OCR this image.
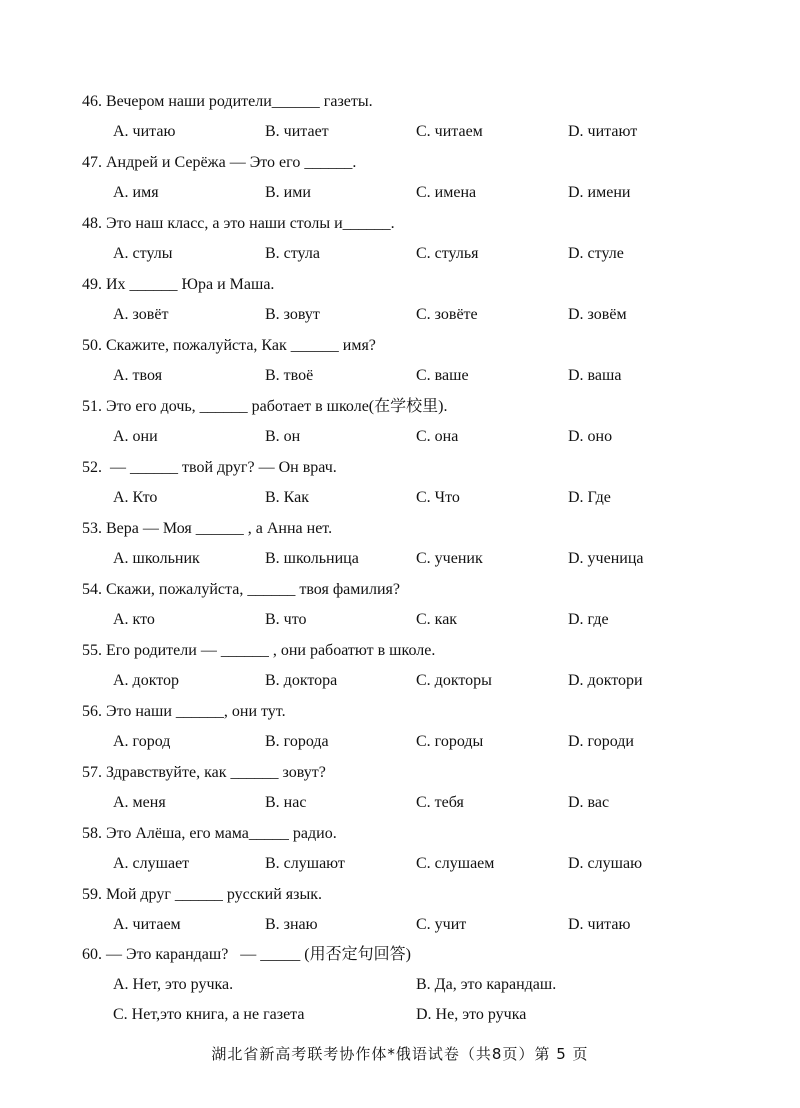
46. Вечером наши родители______ газеты.
A. читаю	B. читает	C. читаем	D. читают
47. Андрей и Серёжа — Это его ______.
A. имя	B. ими	C. имена	D. имени
48. Это наш класс, а это наши столы и______.
A. стулы	B. стула	C. стулья	D. стуле
49. Их ______ Юра и Маша.
A. зовёт	B. зовут	C. зовёте	D. зовём
50. Скажите, пожалуйста, Как ______ имя?
A. твоя	B. твоё	C. ваше	D. ваша
51. Это его дочь, ______ работает в школе(在学校里).
A. они	B. он	C. она	D. оно
52.  — ______ твой друг? — Он врач.
A. Кто	B. Как	C. Что	D. Где
53. Вера — Моя ______ , а Анна нет.
A. школьник	B. школьница	C. ученик	D. ученица
54. Скажи, пожалуйста, ______ твоя фамилия?
A. кто	B. что	C. как	D. где
55. Его родители — ______ , они рабоатют в школе.
A. доктор	B. доктора	C. докторы	D. доктори
56. Это наши ______, они тут.
A. город	B. города	C. городы	D. городи
57. Здравствуйте, как ______ зовут?
A. меня	B. нас	C. тебя	D. вас
58. Это Алёша, его мама_____ радио.
A. слушает	B. слушают	C. слушаем	D. слушаю
59. Мой друг ______ русский язык.
A. читаем	B. знаю	C. учит	D. читаю
60. — Это карандаш?   — _____ (用否定句回答)
A. Нет, это ручка.	B. Да, это карандаш.
C. Нет,это книга, а не газета	D. Не, это ручка
湖北省新高考联考协作体*俄语试卷（共8页）第 5 页
